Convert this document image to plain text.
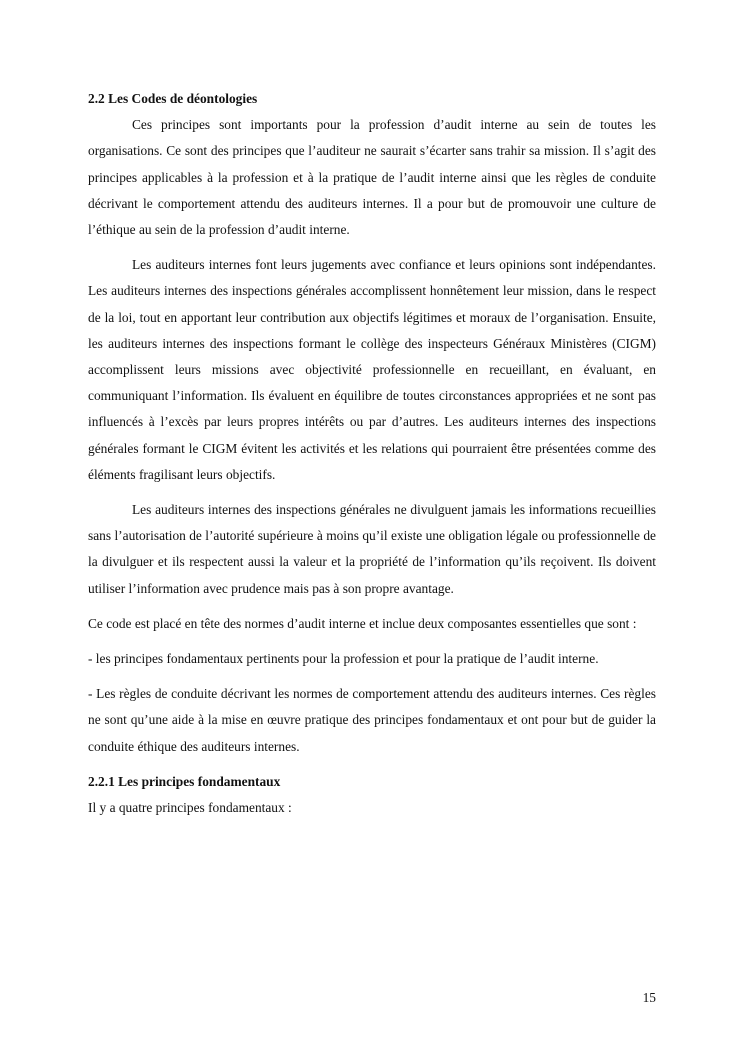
2.2 Les Codes de déontologies

Ces principes sont importants pour la profession d’audit interne au sein de toutes les organisations. Ce sont des principes que l’auditeur ne saurait s’écarter sans trahir sa mission. Il s’agit des principes applicables à la profession et à la pratique de l’audit interne ainsi que les règles de conduite décrivant le comportement attendu des auditeurs internes. Il a pour but de promouvoir une culture de l’éthique au sein de la profession d’audit interne.

Les auditeurs internes font leurs jugements avec confiance et leurs opinions sont indépendantes. Les auditeurs internes des inspections générales accomplissent honnêtement leur mission, dans le respect de la loi, tout en apportant leur contribution aux objectifs légitimes et moraux de l’organisation. Ensuite, les auditeurs internes des inspections formant le collège des inspecteurs Généraux Ministères (CIGM) accomplissent leurs missions avec objectivité professionnelle en recueillant, en évaluant, en communiquant l’information. Ils évaluent en équilibre de toutes circonstances appropriées et ne sont pas influencés à l’excès par leurs propres intérêts ou par d’autres. Les auditeurs internes des inspections générales formant le CIGM évitent les activités et les relations qui pourraient être présentées comme des éléments fragilisant leurs objectifs.

Les auditeurs internes des inspections générales ne divulguent jamais les informations recueillies sans l’autorisation de l’autorité supérieure à moins qu’il existe une obligation légale ou professionnelle de la divulguer et ils respectent aussi la valeur et la propriété de l’information qu’ils reçoivent. Ils doivent utiliser l’information avec prudence mais pas à son propre avantage.

Ce code est placé en tête des normes d’audit interne et inclue deux composantes essentielles que sont :

- les principes fondamentaux pertinents pour la profession et pour la pratique de l’audit interne.

- Les règles de conduite décrivant les normes de comportement attendu des auditeurs internes. Ces règles ne sont qu’une aide à la mise en œuvre pratique des principes fondamentaux et ont pour but de guider la conduite éthique des auditeurs internes.

2.2.1 Les principes fondamentaux

Il y a quatre principes fondamentaux :

15
